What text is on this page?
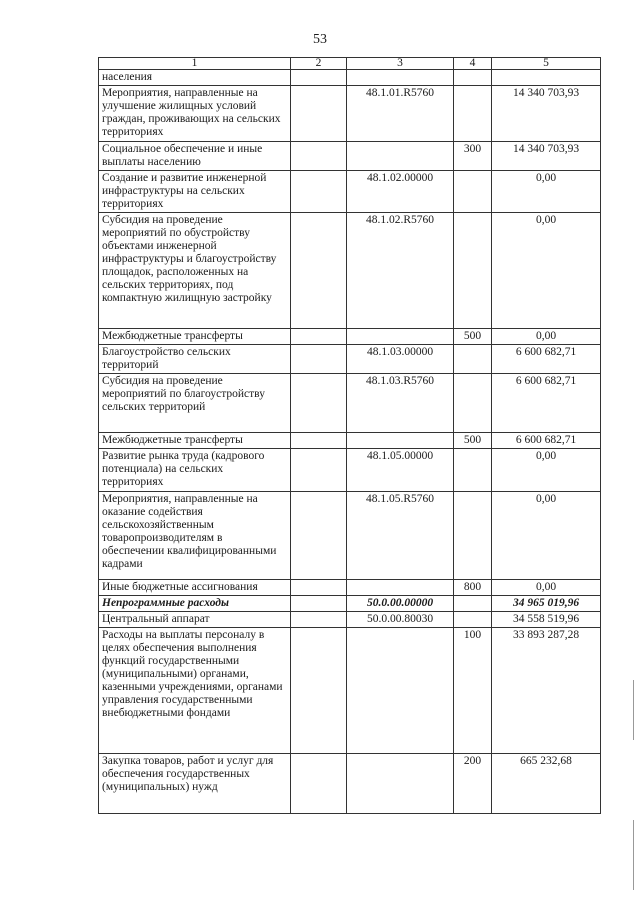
53
1	2	3	4	5
населения				
Мероприятия, направленные на улучшение жилищных условий граждан, проживающих на сельских территориях		48.1.01.R5760		14 340 703,93
Социальное обеспечение и иные выплаты населению			300	14 340 703,93
Создание и развитие инженерной инфраструктуры на сельских территориях		48.1.02.00000		0,00
Субсидия на проведение мероприятий по обустройству объектами инженерной инфраструктуры и благоустройству площадок, расположенных на сельских территориях, под компактную жилищную застройку		48.1.02.R5760		0,00
Межбюджетные трансферты			500	0,00
Благоустройство сельских территорий		48.1.03.00000		6 600 682,71
Субсидия на проведение мероприятий по благоустройству сельских территорий		48.1.03.R5760		6 600 682,71
Межбюджетные трансферты			500	6 600 682,71
Развитие рынка труда (кадрового потенциала) на сельских территориях		48.1.05.00000		0,00
Мероприятия, направленные на оказание содействия сельскохозяйственным товаропроизводителям в обеспечении квалифицированными кадрами		48.1.05.R5760		0,00
Иные бюджетные ассигнования			800	0,00
Непрограммные расходы		50.0.00.00000		34 965 019,96
Центральный аппарат		50.0.00.80030		34 558 519,96
Расходы на выплаты персоналу в целях обеспечения выполнения функций государственными (муниципальными) органами, казенными учреждениями, органами управления государственными внебюджетными фондами			100	33 893 287,28
Закупка товаров, работ и услуг для обеспечения государственных (муниципальных) нужд			200	665 232,68
